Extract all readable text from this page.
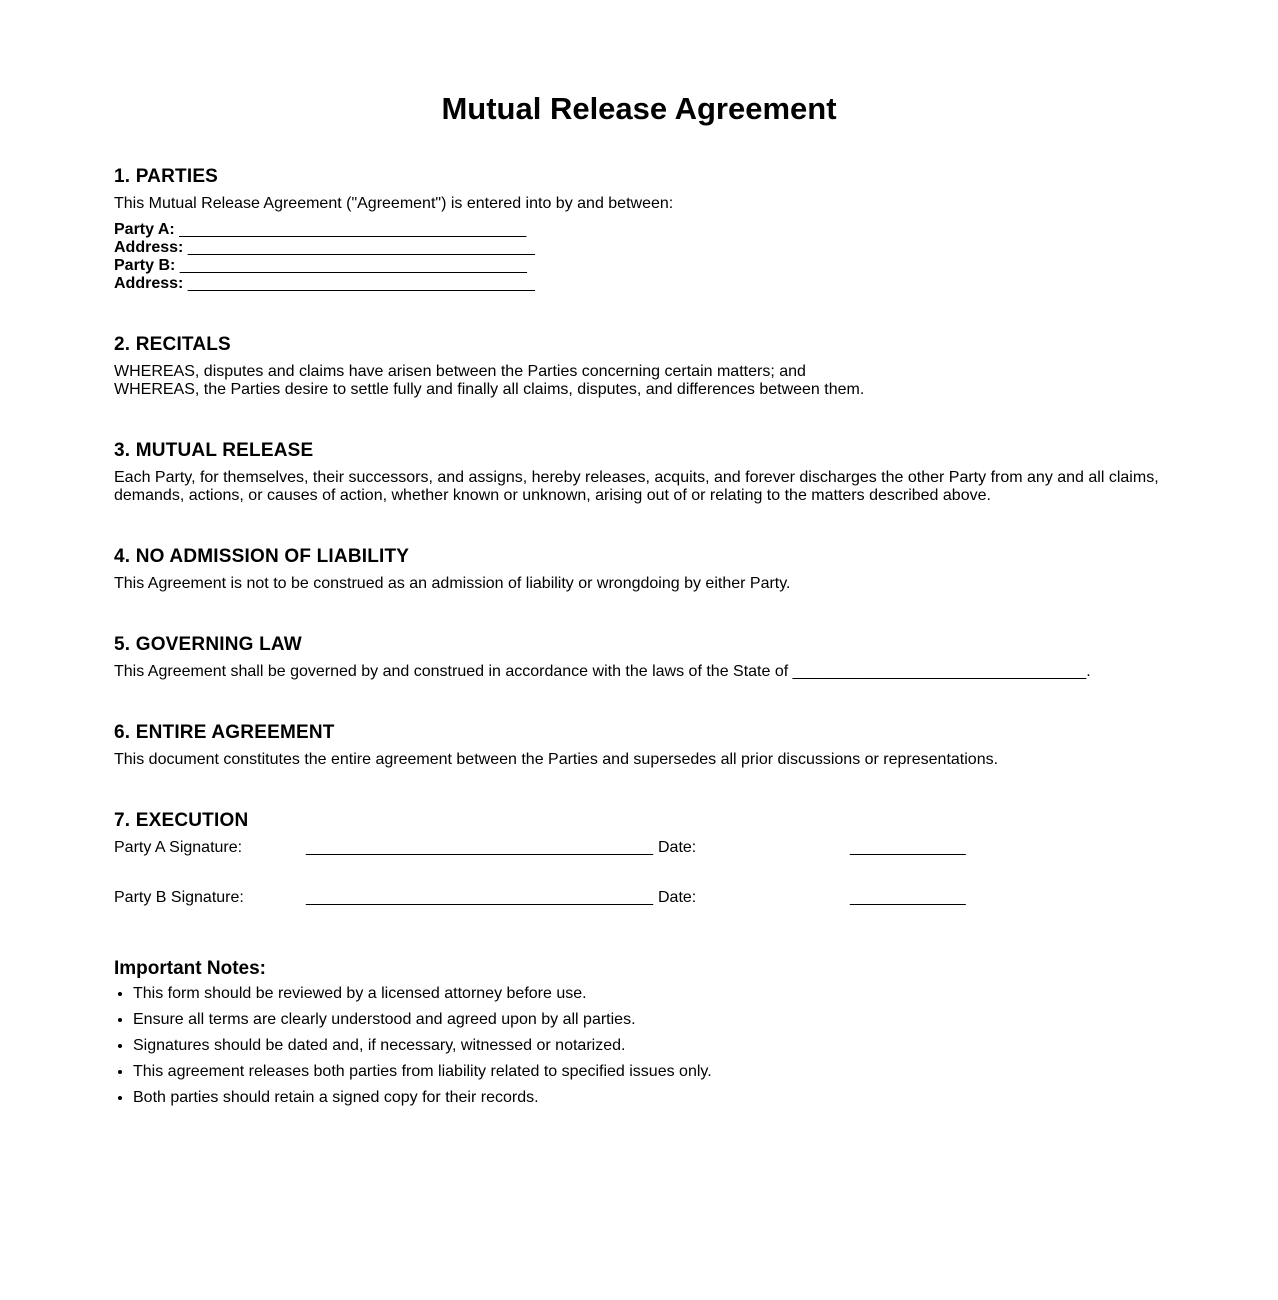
Mutual Release Agreement
1. PARTIES

This Mutual Release Agreement ("Agreement") is entered into by and between:

Party A: _______________________________________

Address: _______________________________________

Party B: _______________________________________

Address: _______________________________________

2. RECITALS

WHEREAS, disputes and claims have arisen between the Parties concerning certain matters; and

WHEREAS, the Parties desire to settle fully and finally all claims, disputes, and differences between them.

3. MUTUAL RELEASE

Each Party, for themselves, their successors, and assigns, hereby releases, acquits, and forever discharges the other Party from any and all claims, demands, actions, or causes of action, whether known or unknown, arising out of or relating to the matters described above.

4. NO ADMISSION OF LIABILITY

This Agreement is not to be construed as an admission of liability or wrongdoing by either Party.

5. GOVERNING LAW

This Agreement shall be governed by and construed in accordance with the laws of the State of _________________________________.

6. ENTIRE AGREEMENT

This document constitutes the entire agreement between the Parties and supersedes all prior discussions or representations.

7. EXECUTION
Party A Signature:	_______________________________________ Date:	_____________
Party B Signature:	_______________________________________ Date:	_____________
Important Notes:
• This form should be reviewed by a licensed attorney before use.
• Ensure all terms are clearly understood and agreed upon by all parties.
• Signatures should be dated and, if necessary, witnessed or notarized.
• This agreement releases both parties from liability related to specified issues only.
• Both parties should retain a signed copy for their records.
